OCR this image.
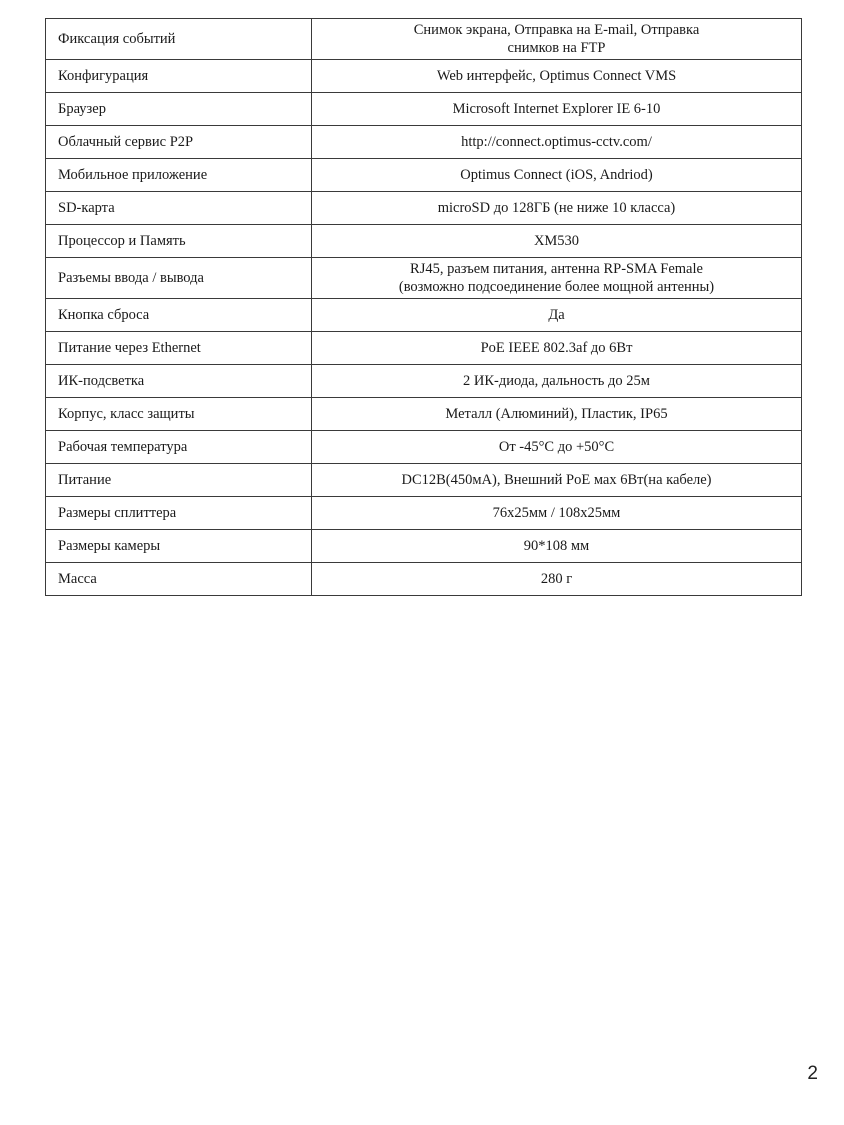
Фиксация событий	Снимок экрана, Отправка на E-mail, Отправка
снимков на FTP

Конфигурация	Web интерфейс, Optimus Connect VMS

Браузер	Microsoft Internet Explorer IE 6-10

Облачный сервис P2P	http://connect.optimus-cctv.com/

Мобильное приложение	Optimus Connect (iOS, Andriod)

SD-карта	microSD до 128ГБ (не ниже 10 класса)

Процессор и Память	XM530

Разъемы ввода / вывода	RJ45, разъем питания, антенна RP-SMA Female
(возможно подсоединение более мощной антенны)

Кнопка сброса	Да

Питание через Ethernet	PoE IEEE 802.3af до 6Вт

ИК-подсветка	2 ИК-диода, дальность до 25м

Корпус, класс защиты	Металл (Алюминий), Пластик, IP65

Рабочая температура	От -45°C до +50°C

Питание	DC12В(450мА), Внешний PoE мах 6Вт(на кабеле)

Размеры сплиттера	76x25мм / 108x25мм

Размеры камеры	90*108 мм

Масса	280 г
2
